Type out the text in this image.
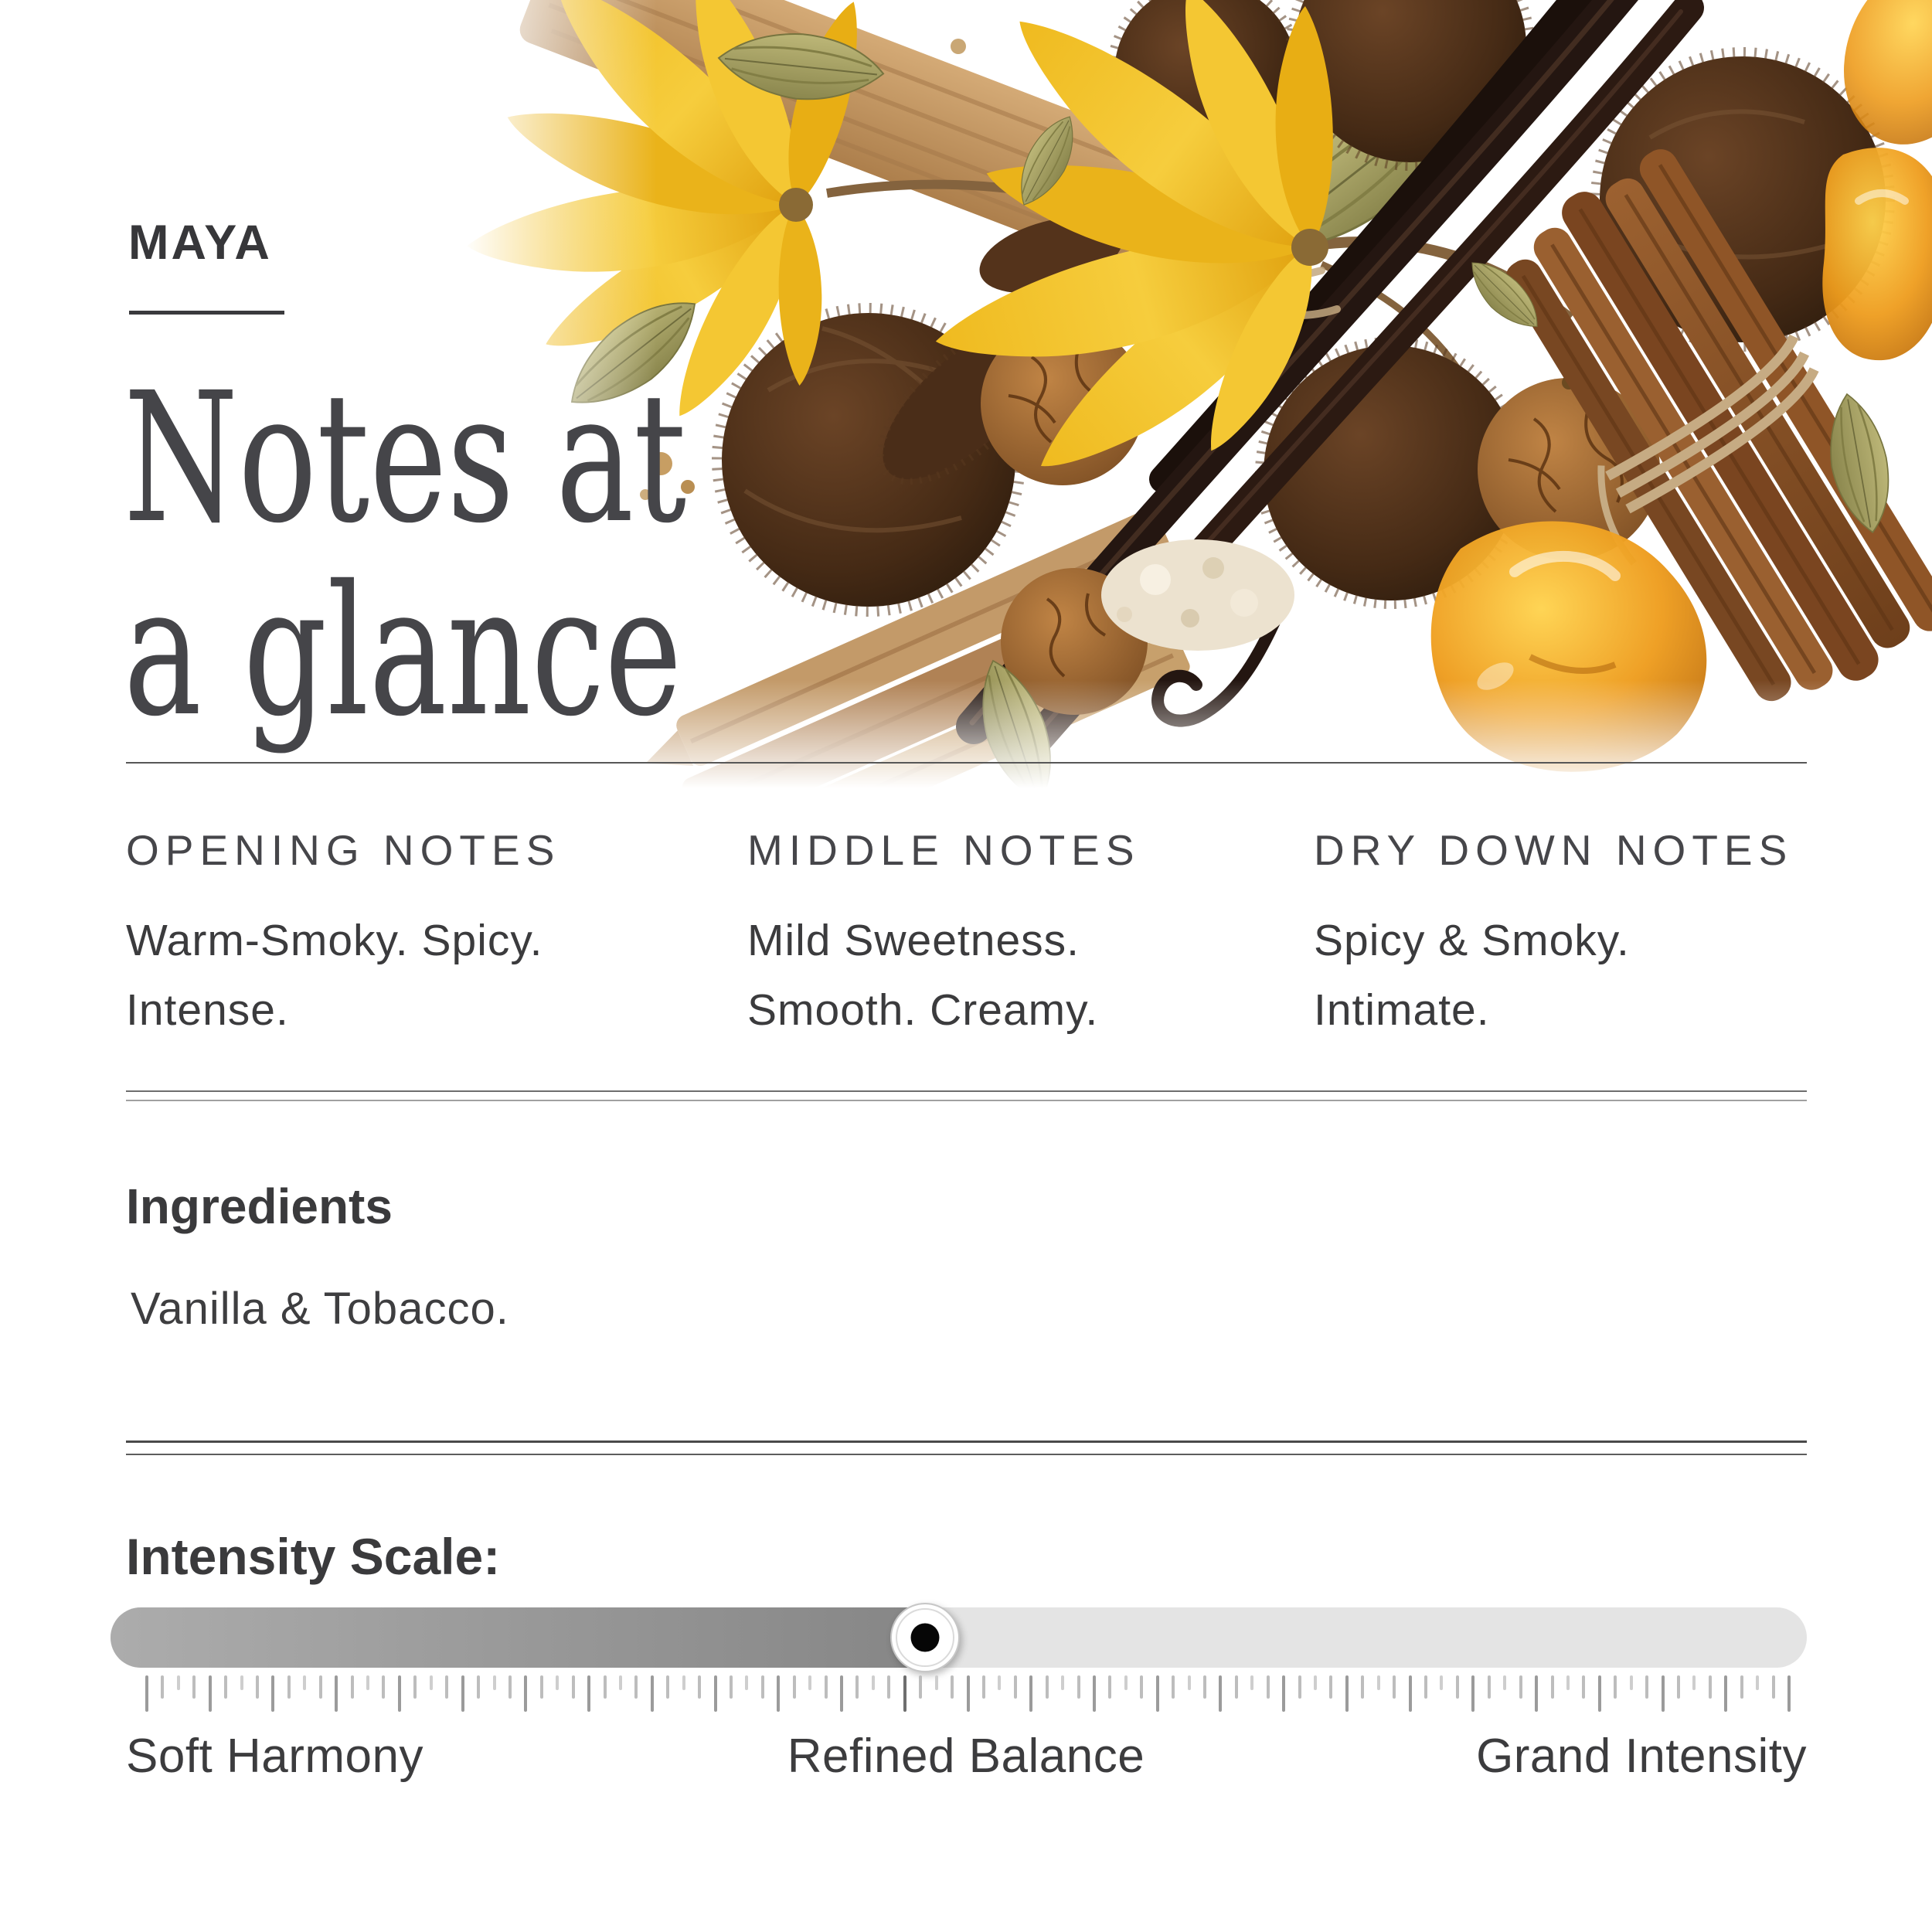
MAYA
Notes at
a glance
OPENING NOTES

Warm-Smoky. Spicy. Intense.

MIDDLE NOTES

Mild Sweetness. Smooth. Creamy.

DRY DOWN NOTES

Spicy & Smoky. Intimate.

Ingredients
Vanilla & Tobacco.
Intensity Scale:
Soft Harmony	Refined Balance	Grand Intensity
